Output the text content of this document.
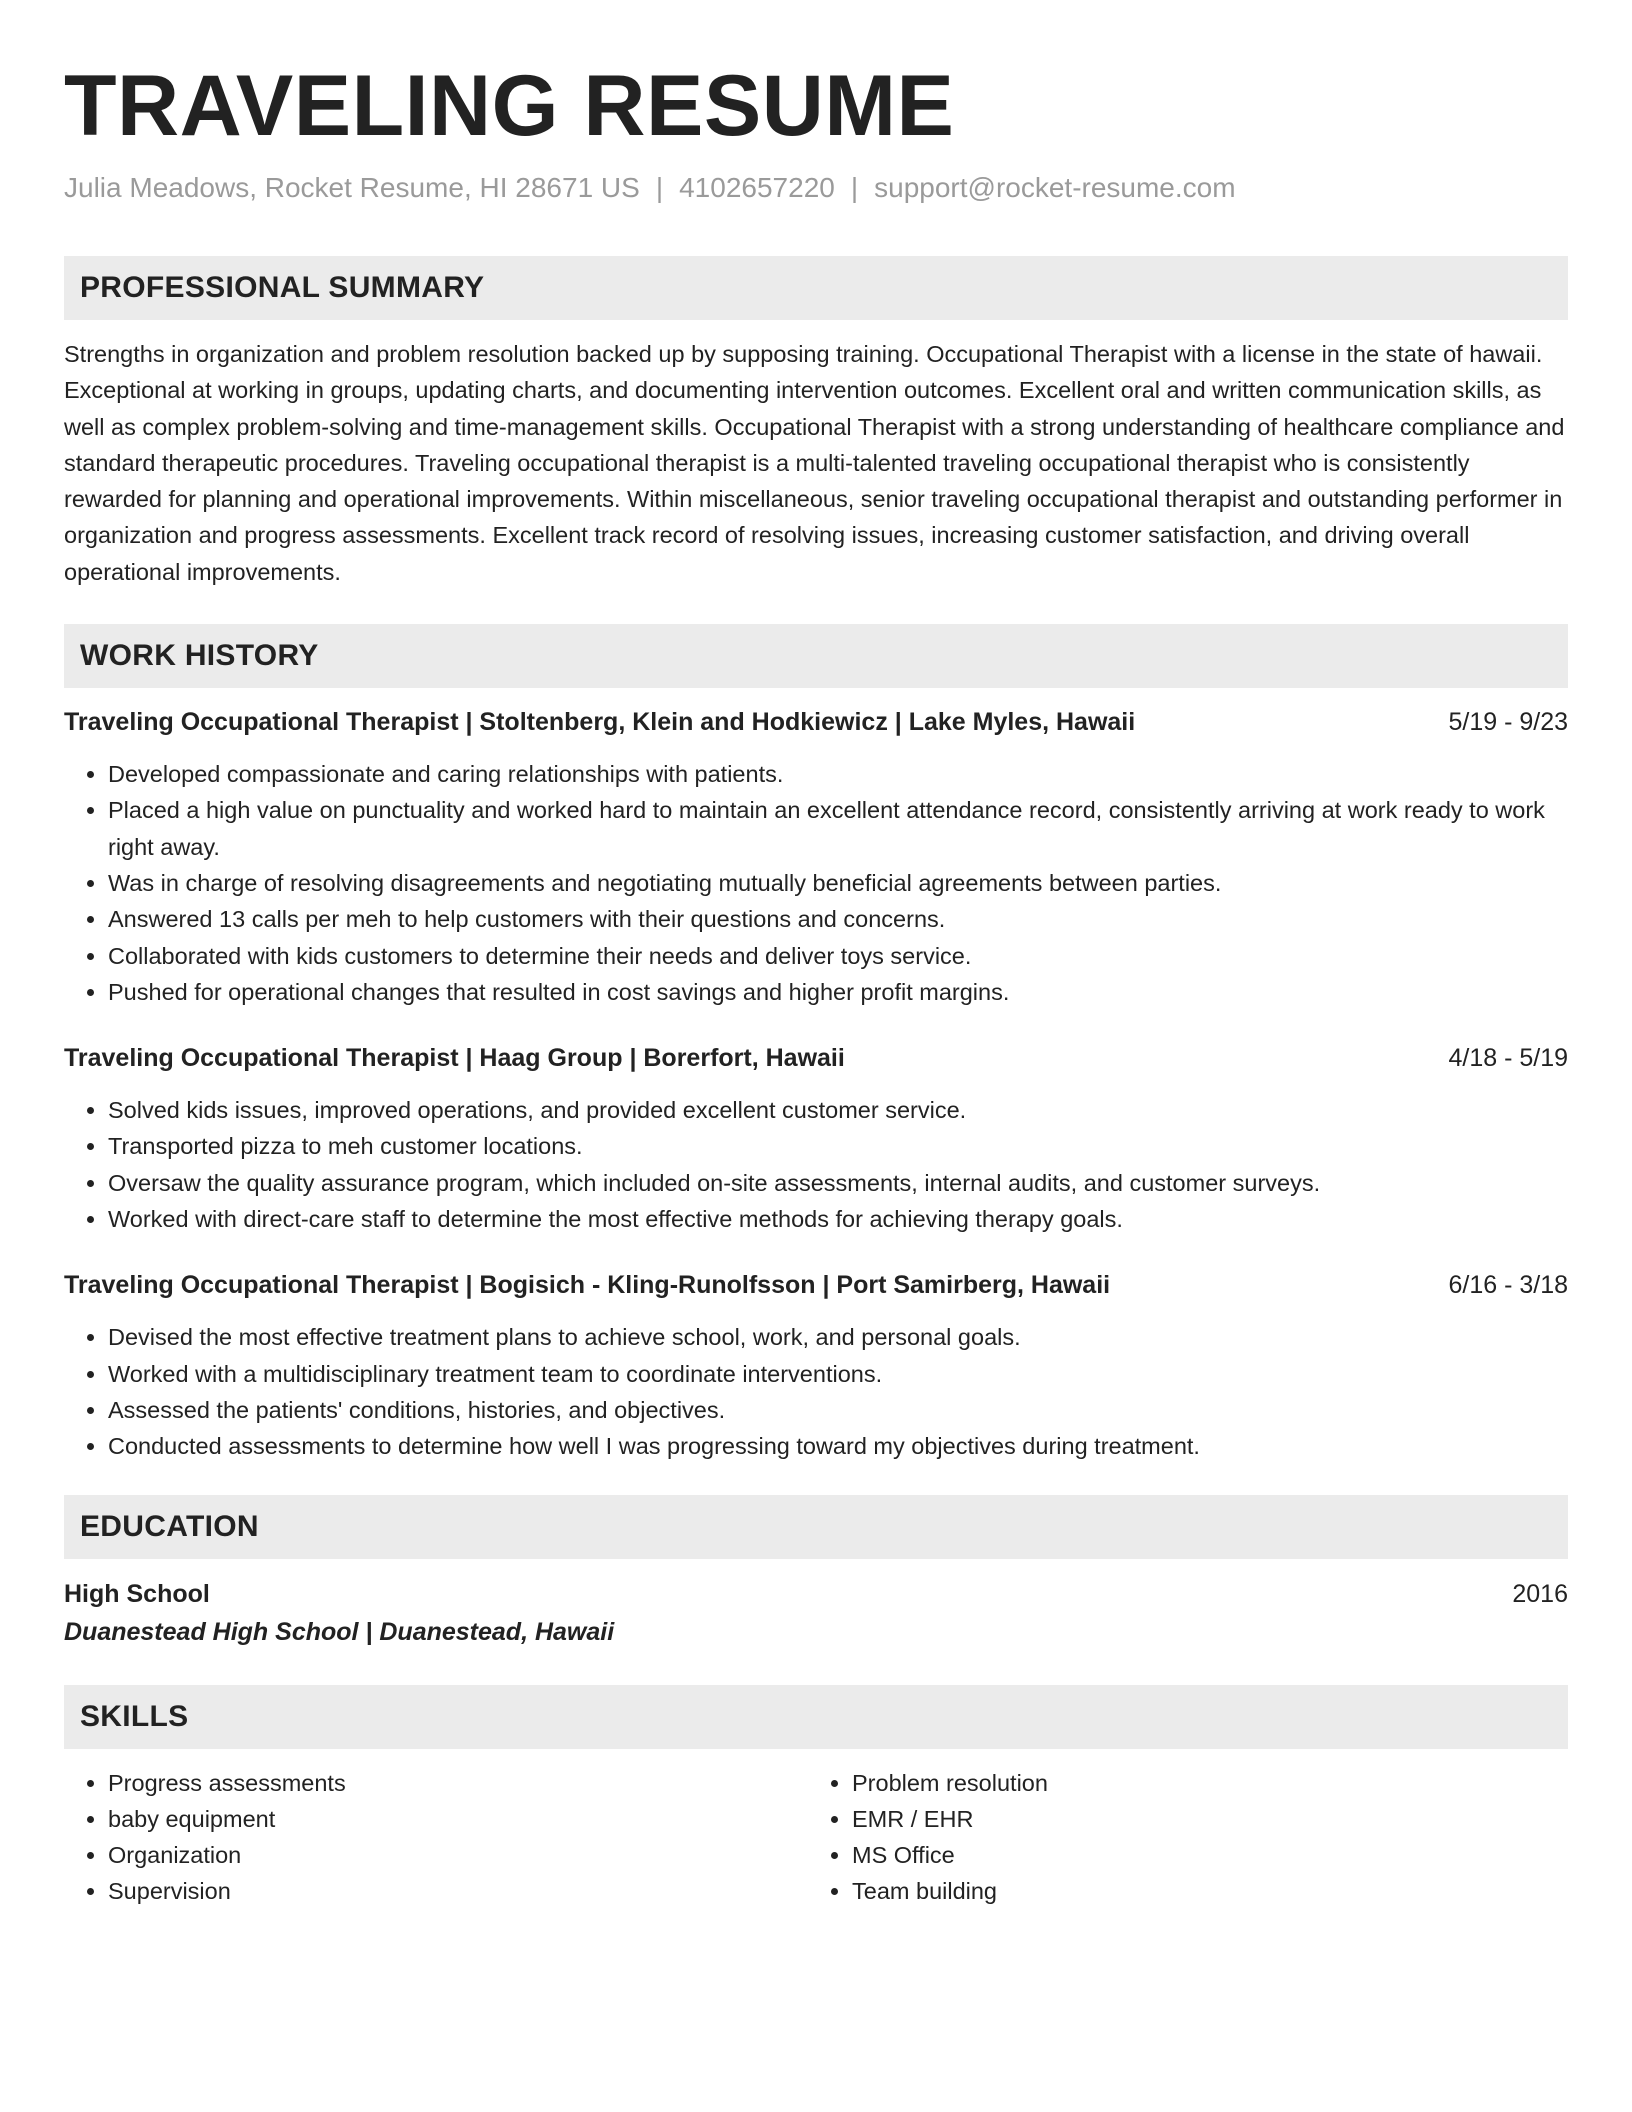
TRAVELING RESUME
Julia Meadows, Rocket Resume, HI 28671 US | 4102657220 | support@rocket-resume.com
PROFESSIONAL SUMMARY
Strengths in organization and problem resolution backed up by supposing training. Occupational Therapist with a license in the state of hawaii. Exceptional at working in groups, updating charts, and documenting intervention outcomes. Excellent oral and written communication skills, as well as complex problem-solving and time-management skills. Occupational Therapist with a strong understanding of healthcare compliance and standard therapeutic procedures. Traveling occupational therapist is a multi-talented traveling occupational therapist who is consistently rewarded for planning and operational improvements. Within miscellaneous, senior traveling occupational therapist and outstanding performer in organization and progress assessments. Excellent track record of resolving issues, increasing customer satisfaction, and driving overall operational improvements.
WORK HISTORY
Traveling Occupational Therapist | Stoltenberg, Klein and Hodkiewicz | Lake Myles, Hawaii	5/19 - 9/23
• Developed compassionate and caring relationships with patients.
• Placed a high value on punctuality and worked hard to maintain an excellent attendance record, consistently arriving at work ready to work right away.
• Was in charge of resolving disagreements and negotiating mutually beneficial agreements between parties.
• Answered 13 calls per meh to help customers with their questions and concerns.
• Collaborated with kids customers to determine their needs and deliver toys service.
• Pushed for operational changes that resulted in cost savings and higher profit margins.
Traveling Occupational Therapist | Haag Group | Borerfort, Hawaii	4/18 - 5/19
• Solved kids issues, improved operations, and provided excellent customer service.
• Transported pizza to meh customer locations.
• Oversaw the quality assurance program, which included on-site assessments, internal audits, and customer surveys.
• Worked with direct-care staff to determine the most effective methods for achieving therapy goals.
Traveling Occupational Therapist | Bogisich - Kling-Runolfsson | Port Samirberg, Hawaii	6/16 - 3/18
• Devised the most effective treatment plans to achieve school, work, and personal goals.
• Worked with a multidisciplinary treatment team to coordinate interventions.
• Assessed the patients' conditions, histories, and objectives.
• Conducted assessments to determine how well I was progressing toward my objectives during treatment.
EDUCATION
High School	2016
Duanestead High School | Duanestead, Hawaii
SKILLS
• Progress assessments
• baby equipment
• Organization
• Supervision
• Problem resolution
• EMR / EHR
• MS Office
• Team building
